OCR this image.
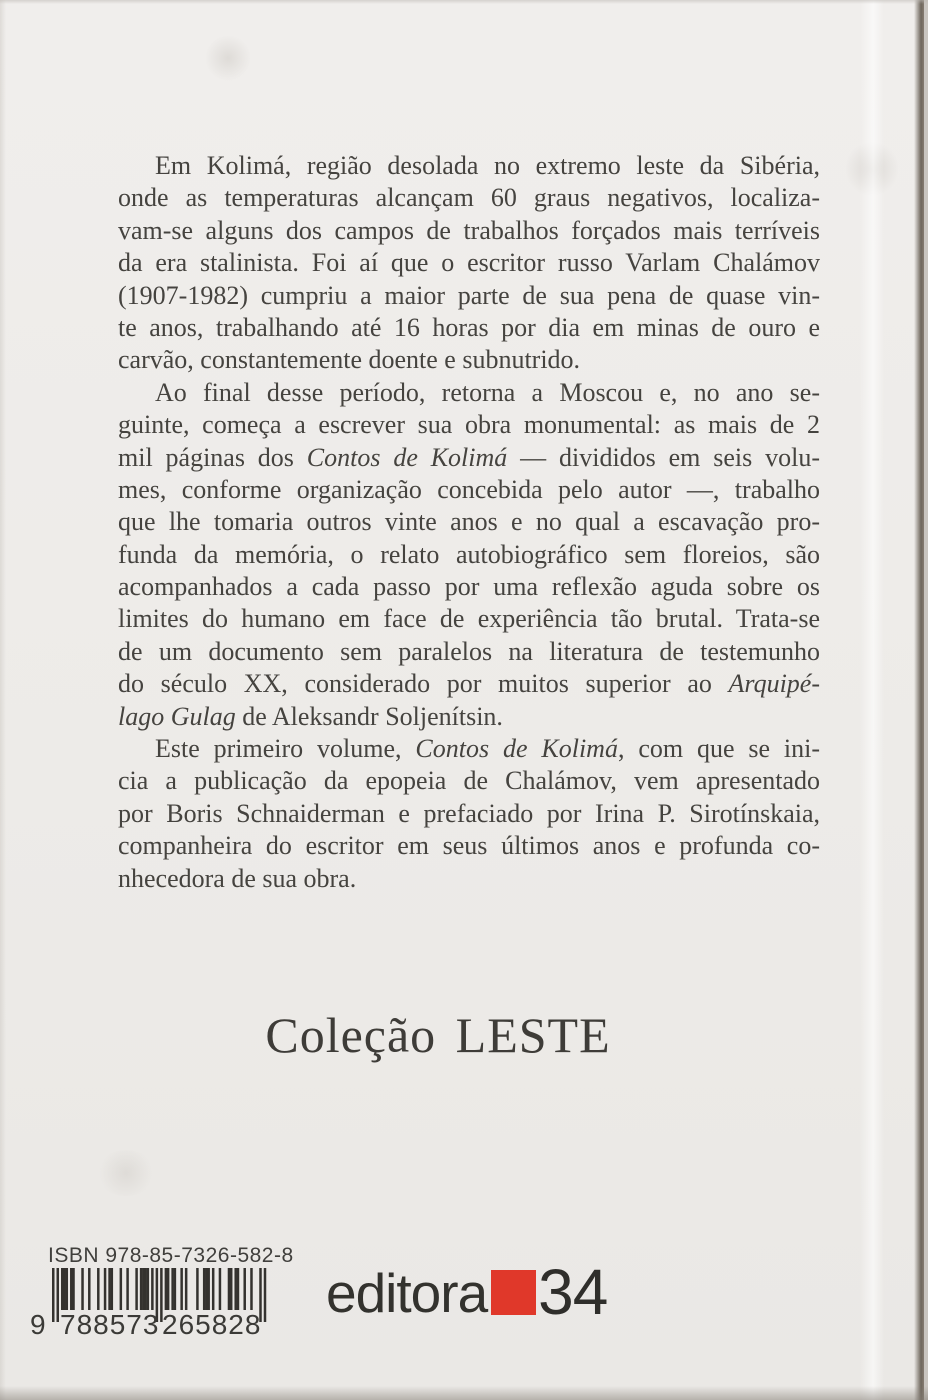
Em Kolimá, região desolada no extremo leste da Sibéria,
onde as temperaturas alcançam 60 graus negativos, localiza-
vam-se alguns dos campos de trabalhos forçados mais terríveis
da era stalinista. Foi aí que o escritor russo Varlam Chalámov
(1907-1982) cumpriu a maior parte de sua pena de quase vin-
te anos, trabalhando até 16 horas por dia em minas de ouro e
carvão, constantemente doente e subnutrido.
Ao final desse período, retorna a Moscou e, no ano se-
guinte, começa a escrever sua obra monumental: as mais de 2
mil páginas dos Contos de Kolimá — divididos em seis volu-
mes, conforme organização concebida pelo autor —, trabalho
que lhe tomaria outros vinte anos e no qual a escavação pro-
funda da memória, o relato autobiográfico sem floreios, são
acompanhados a cada passo por uma reflexão aguda sobre os
limites do humano em face de experiência tão brutal. Trata-se
de um documento sem paralelos na literatura de testemunho
do século XX, considerado por muitos superior ao Arquipé-
lago Gulag de Aleksandr Soljenítsin.
Este primeiro volume, Contos de Kolimá, com que se ini-
cia a publicação da epopeia de Chalámov, vem apresentado
por Boris Schnaiderman e prefaciado por Irina P. Sirotínskaia,
companheira do escritor em seus últimos anos e profunda co-
nhecedora de sua obra.
Coleção LESTE
ISBN 978-85-7326-582-8
9 788573 265828
editora 34
